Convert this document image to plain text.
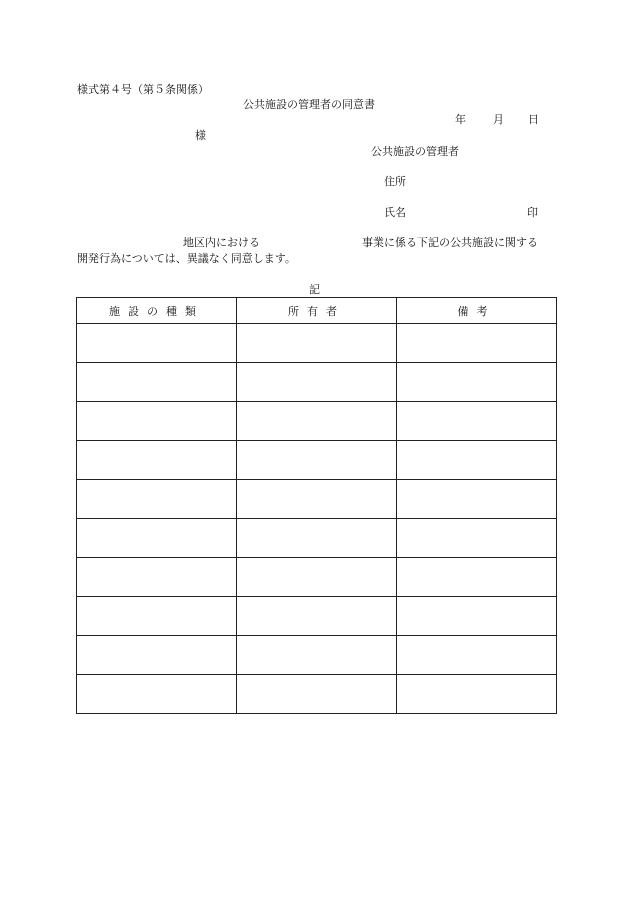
様式第４号（第５条関係）
公共施設の管理者の同意書
年 月 日
様
公共施設の管理者
住所
氏名	印
地区内における	事業に係る下記の公共施設に関する
開発行為については、異議なく同意します。
記
施設の種類	所有者	備考
